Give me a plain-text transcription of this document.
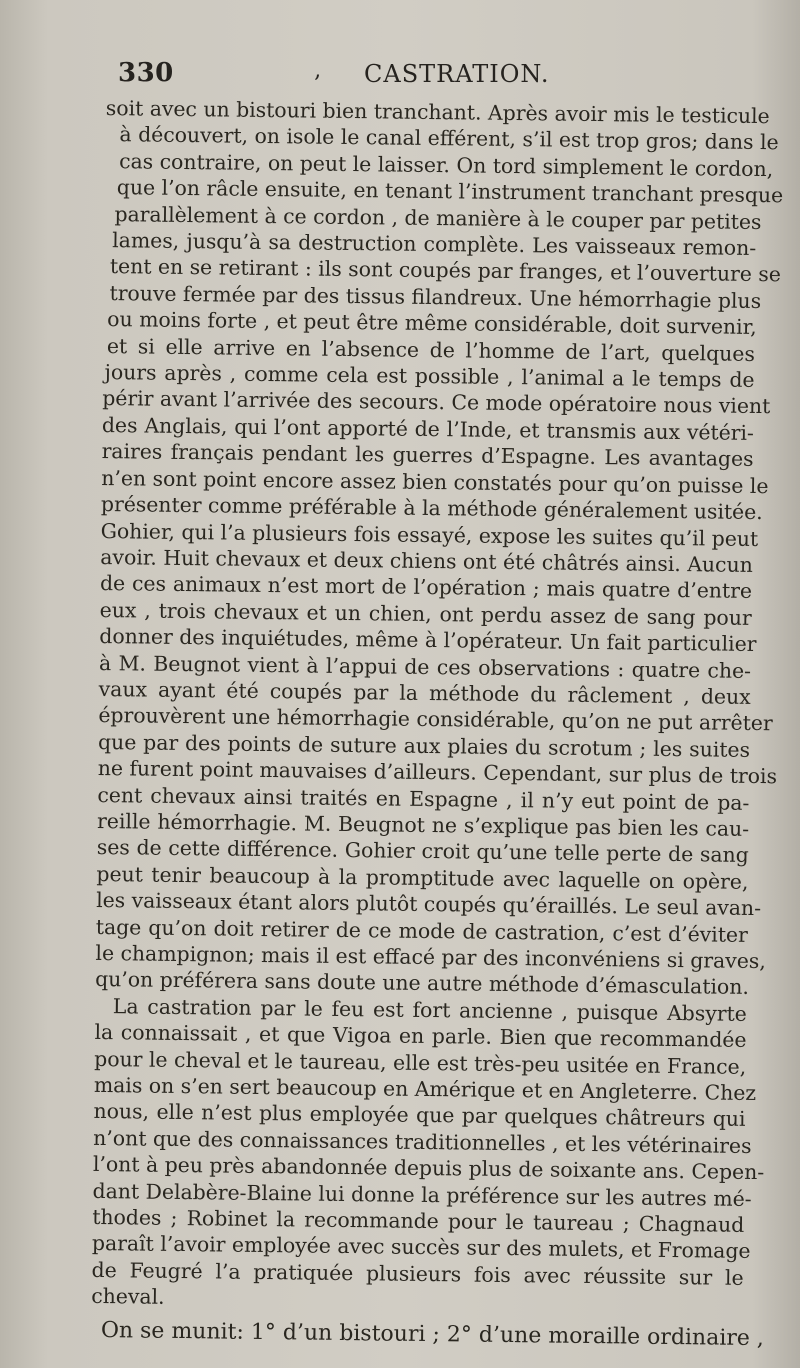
330	‚ CASTRATION.
soit avec un bistouri bien tranchant. Après avoir mis le testicule
à découvert, on isole le canal efférent, s’il est trop gros; dans le
cas contraire, on peut le laisser. On tord simplement le cordon,
que l’on râcle ensuite, en tenant l’instrument tranchant presque
parallèlement à ce cordon , de manière à le couper par petites
lames, jusqu’à sa destruction complète. Les vaisseaux remon-
tent en se retirant : ils sont coupés par franges, et l’ouverture se
trouve fermée par des tissus filandreux. Une hémorrhagie plus
ou moins forte , et peut être même considérable, doit survenir,
et si elle arrive en l’absence de l’homme de l’art, quelques
jours après , comme cela est possible , l’animal a le temps de
périr avant l’arrivée des secours. Ce mode opératoire nous vient
des Anglais, qui l’ont apporté de l’Inde, et transmis aux vétéri-
raires français pendant les guerres d’Espagne. Les avantages
n’en sont point encore assez bien constatés pour qu’on puisse le
présenter comme préférable à la méthode généralement usitée.
Gohier, qui l’a plusieurs fois essayé, expose les suites qu’il peut
avoir. Huit chevaux et deux chiens ont été châtrés ainsi. Aucun
de ces animaux n’est mort de l’opération ; mais quatre d’entre
eux , trois chevaux et un chien, ont perdu assez de sang pour
donner des inquiétudes, même à l’opérateur. Un fait particulier
à M. Beugnot vient à l’appui de ces observations : quatre che-
vaux ayant été coupés par la méthode du râclement , deux
éprouvèrent une hémorrhagie considérable, qu’on ne put arrêter
que par des points de suture aux plaies du scrotum ; les suites
ne furent point mauvaises d’ailleurs. Cependant, sur plus de trois
cent chevaux ainsi traités en Espagne , il n’y eut point de pa-
reille hémorrhagie. M. Beugnot ne s’explique pas bien les cau-
ses de cette différence. Gohier croit qu’une telle perte de sang
peut tenir beaucoup à la promptitude avec laquelle on opère,
les vaisseaux étant alors plutôt coupés qu’éraillés. Le seul avan-
tage qu’on doit retirer de ce mode de castration, c’est d’éviter
le champignon; mais il est effacé par des inconvéniens si graves,
qu’on préférera sans doute une autre méthode d’émasculation.
La castration par le feu est fort ancienne , puisque Absyrte
la connaissait , et que Vigoa en parle. Bien que recommandée
pour le cheval et le taureau, elle est très-peu usitée en France,
mais on s’en sert beaucoup en Amérique et en Angleterre. Chez
nous, elle n’est plus employée que par quelques châtreurs qui
n’ont que des connaissances traditionnelles , et les vétérinaires
l’ont à peu près abandonnée depuis plus de soixante ans. Cepen-
dant Delabère-Blaine lui donne la préférence sur les autres mé-
thodes ; Robinet la recommande pour le taureau ; Chagnaud
paraît l’avoir employée avec succès sur des mulets, et Fromage
de Feugré l’a pratiquée plusieurs fois avec réussite sur le
cheval.
On se munit: 1° d’un bistouri ; 2° d’une moraille ordinaire ,
